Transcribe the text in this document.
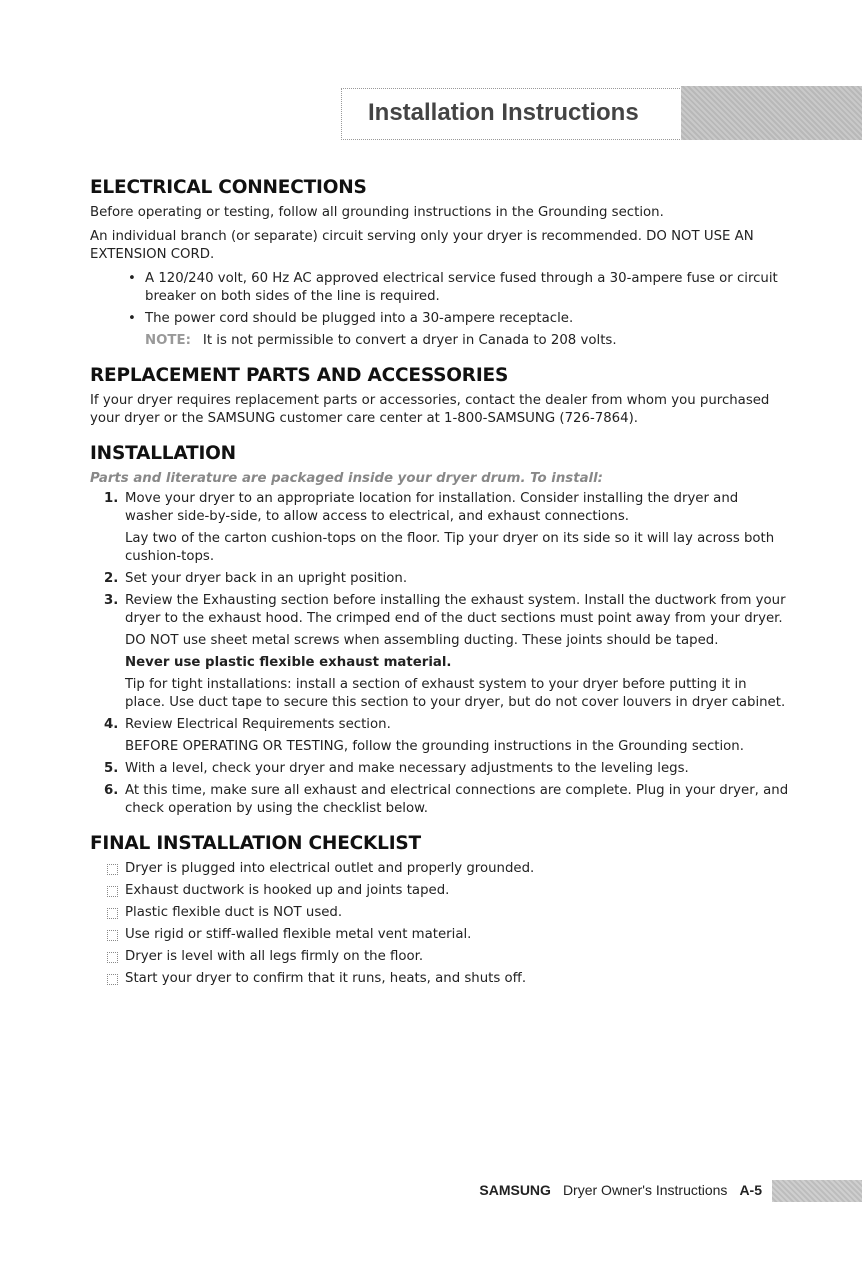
Installation Instructions
ELECTRICAL CONNECTIONS

Before operating or testing, follow all grounding instructions in the Grounding section.

An individual branch (or separate) circuit serving only your dryer is recommended. DO NOT USE AN EXTENSION CORD.

• A 120/240 volt, 60 Hz AC approved electrical service fused through a 30-ampere fuse or circuit breaker on both sides of the line is required.
• The power cord should be plugged into a 30-ampere receptacle.
NOTE: It is not permissible to convert a dryer in Canada to 208 volts.
REPLACEMENT PARTS AND ACCESSORIES

If your dryer requires replacement parts or accessories, contact the dealer from whom you purchased your dryer or the SAMSUNG customer care center at 1-800-SAMSUNG (726-7864).

INSTALLATION

Parts and literature are packaged inside your dryer drum. To install:

1. Move your dryer to an appropriate location for installation. Consider installing the dryer and washer side-by-side, to allow access to electrical, and exhaust connections.
Lay two of the carton cushion-tops on the floor. Tip your dryer on its side so it will lay across both cushion-tops.
2. Set your dryer back in an upright position.
3. Review the Exhausting section before installing the exhaust system. Install the ductwork from your dryer to the exhaust hood. The crimped end of the duct sections must point away from your dryer.
DO NOT use sheet metal screws when assembling ducting. These joints should be taped.
Never use plastic flexible exhaust material.
Tip for tight installations: install a section of exhaust system to your dryer before putting it in place. Use duct tape to secure this section to your dryer, but do not cover louvers in dryer cabinet.
4. Review Electrical Requirements section.
BEFORE OPERATING OR TESTING, follow the grounding instructions in the Grounding section.
5. With a level, check your dryer and make necessary adjustments to the leveling legs.
6. At this time, make sure all exhaust and electrical connections are complete. Plug in your dryer, and check operation by using the checklist below.
FINAL INSTALLATION CHECKLIST
Dryer is plugged into electrical outlet and properly grounded.
Exhaust ductwork is hooked up and joints taped.
Plastic flexible duct is NOT used.
Use rigid or stiff-walled flexible metal vent material.
Dryer is level with all legs firmly on the floor.
Start your dryer to confirm that it runs, heats, and shuts off.
SAMSUNG Dryer Owner's Instructions A-5
